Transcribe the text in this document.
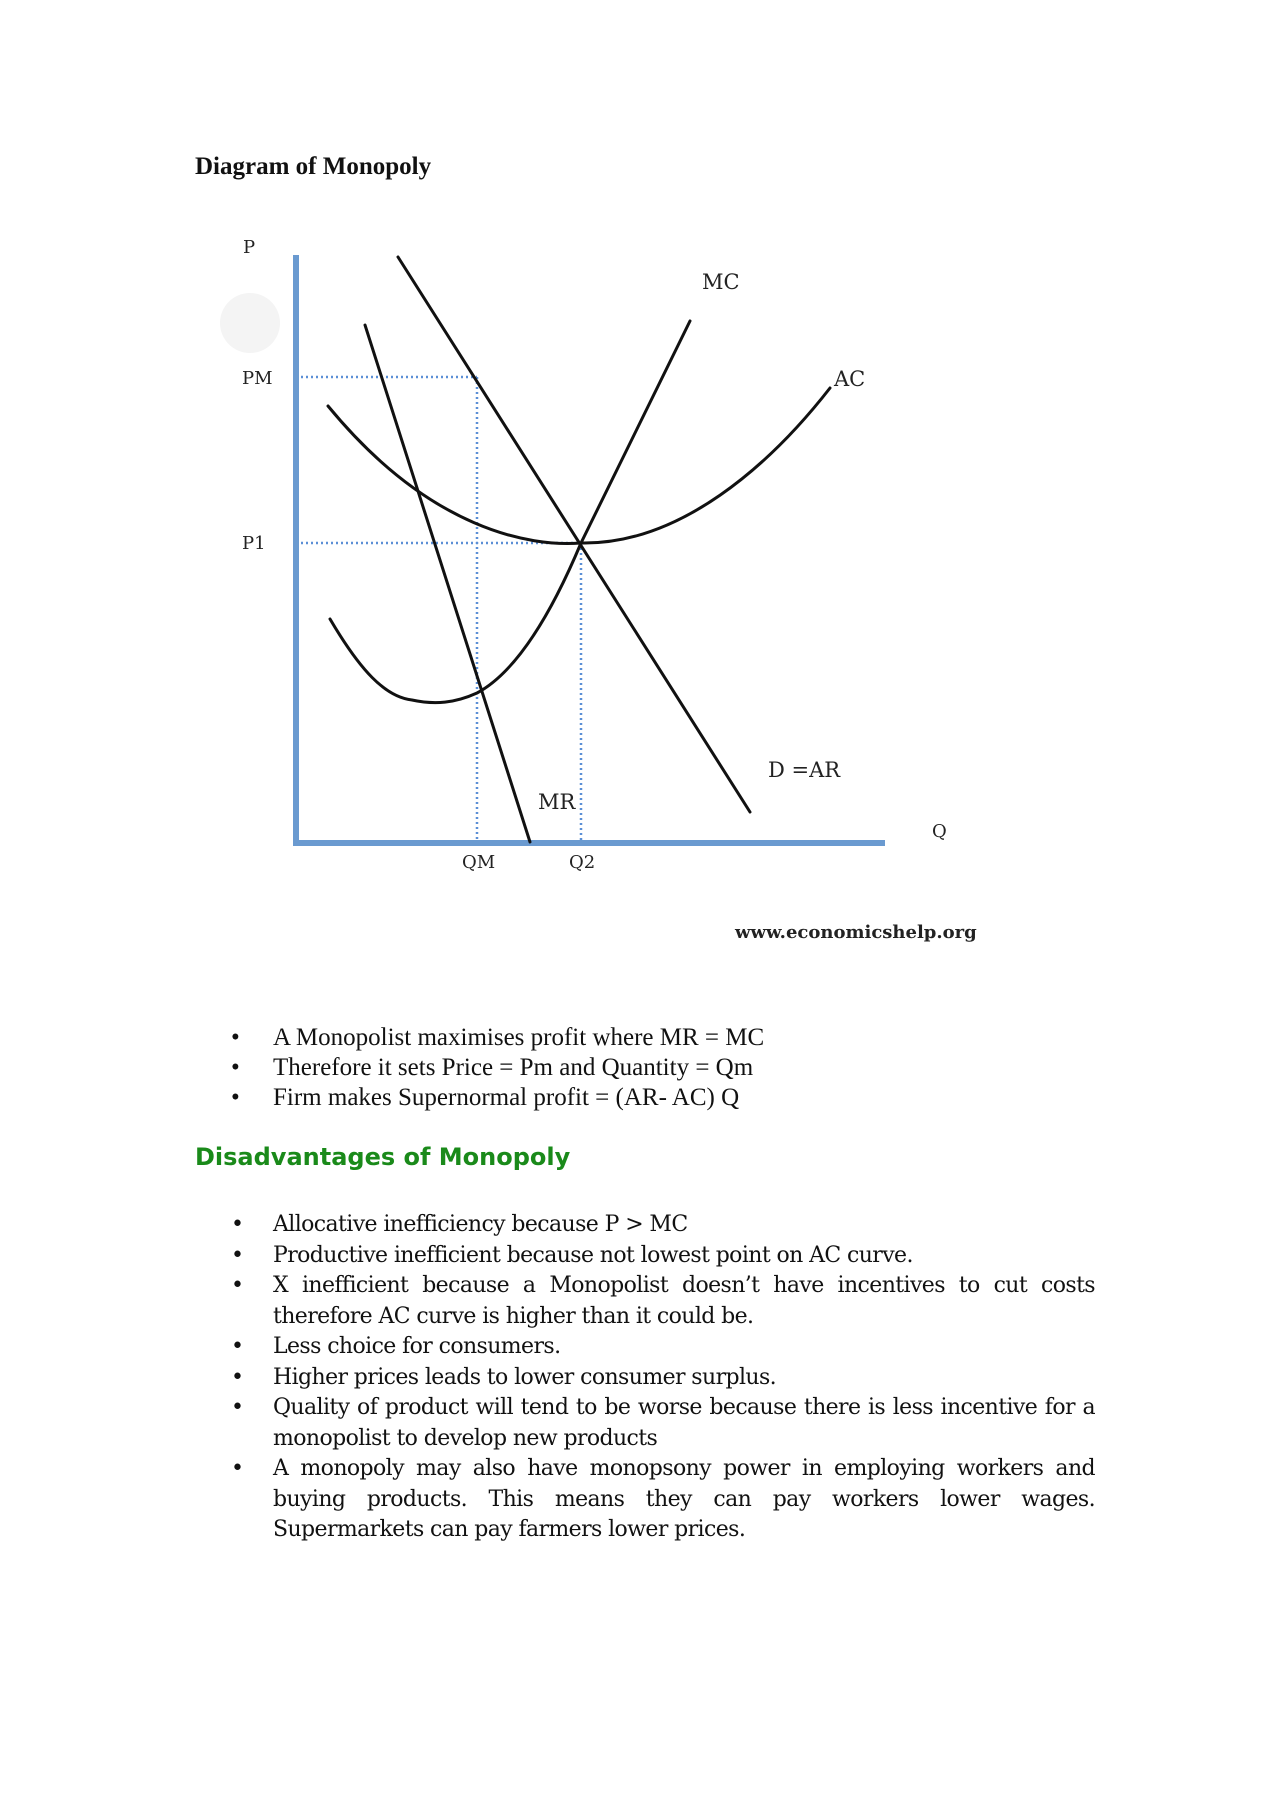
Diagram of Monopoly
P
Q
PM
P1
QM	Q2
MC
AC
D =AR
MR
www.economicshelp.org
• A Monopolist maximises profit where MR = MC
• Therefore it sets Price = Pm and Quantity = Qm
• Firm makes Supernormal profit = (AR- AC) Q
Disadvantages of Monopoly
• Allocative inefficiency because P > MC
• Productive inefficient because not lowest point on AC curve.
• X inefficient because a Monopolist doesn’t have incentives to cut costs therefore AC curve is higher than it could be.
• Less choice for consumers.
• Higher prices leads to lower consumer surplus.
• Quality of product will tend to be worse because there is less incentive for a monopolist to develop new products
• A monopoly may also have monopsony power in employing workers and buying products. This means they can pay workers lower wages. Supermarkets can pay farmers lower prices.
